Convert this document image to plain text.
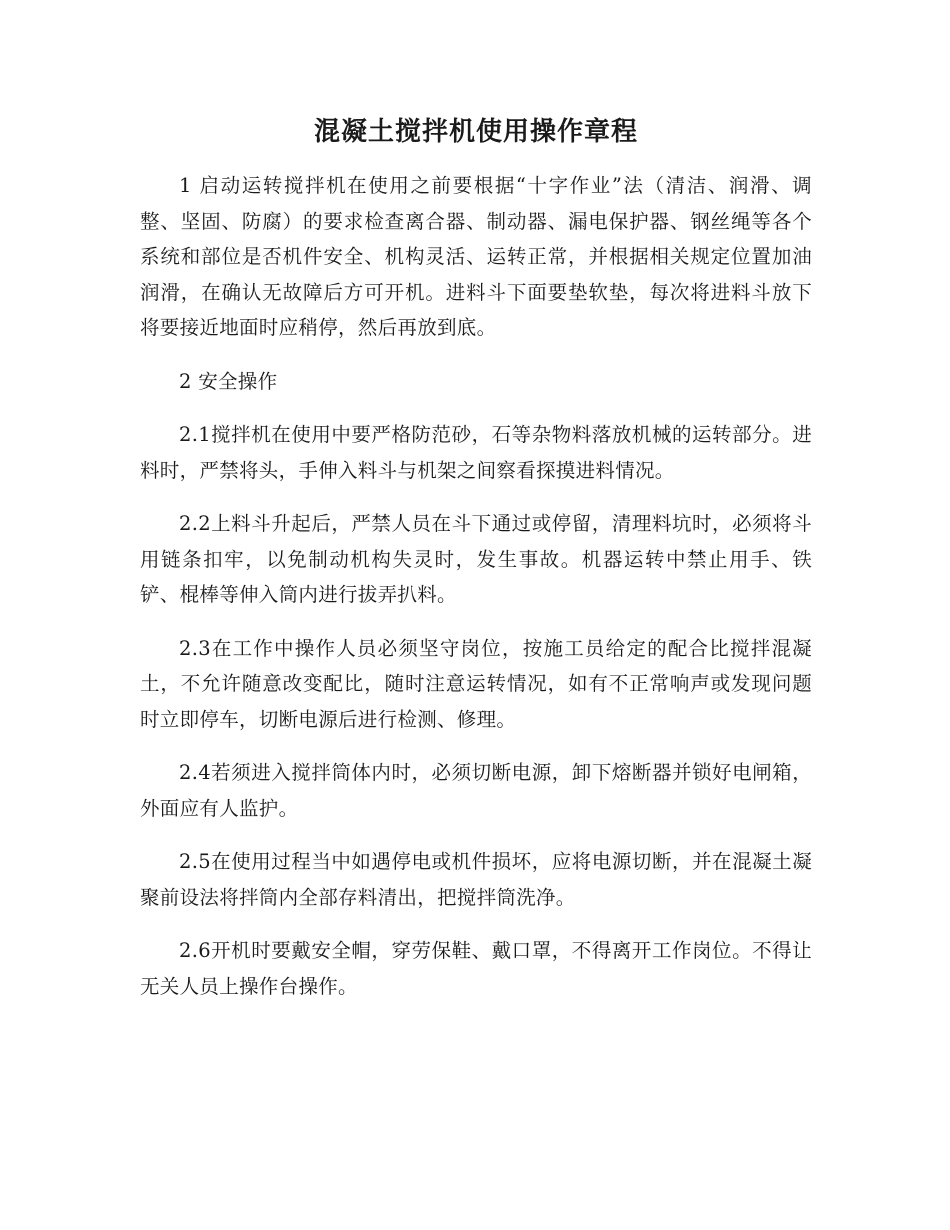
混凝土搅拌机使用操作章程

1 启动运转搅拌机在使用之前要根据“十字作业”法（清洁、润滑、调整、坚固、防腐）的要求检查离合器、制动器、漏电保护器、钢丝绳等各个系统和部位是否机件安全、机构灵活、运转正常，并根据相关规定位置加油润滑，在确认无故障后方可开机。进料斗下面要垫软垫，每次将进料斗放下将要接近地面时应稍停，然后再放到底。

2 安全操作

2.1搅拌机在使用中要严格防范砂，石等杂物料落放机械的运转部分。进料时，严禁将头，手伸入料斗与机架之间察看探摸进料情况。

2.2上料斗升起后，严禁人员在斗下通过或停留，清理料坑时，必须将斗用链条扣牢，以免制动机构失灵时，发生事故。机器运转中禁止用手、铁铲、棍棒等伸入筒内进行拔弄扒料。

2.3在工作中操作人员必须坚守岗位，按施工员给定的配合比搅拌混凝土，不允许随意改变配比，随时注意运转情况，如有不正常响声或发现问题时立即停车，切断电源后进行检测、修理。

2.4若须进入搅拌筒体内时，必须切断电源，卸下熔断器并锁好电闸箱，外面应有人监护。

2.5在使用过程当中如遇停电或机件损坏，应将电源切断，并在混凝土凝聚前设法将拌筒内全部存料清出，把搅拌筒洗净。

2.6开机时要戴安全帽，穿劳保鞋、戴口罩，不得离开工作岗位。不得让无关人员上操作台操作。
